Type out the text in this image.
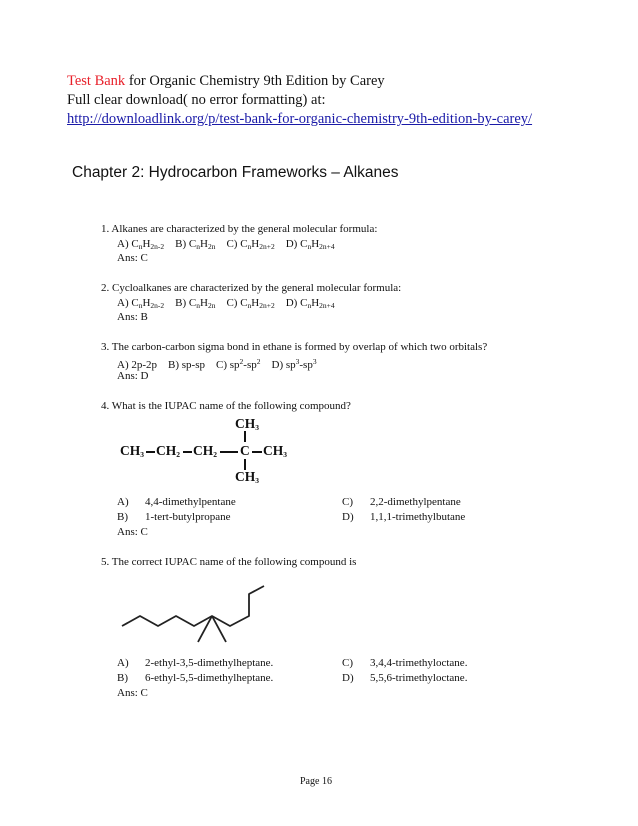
Test Bank for Organic Chemistry 9th Edition by Carey
Full clear download( no error formatting) at:
http://downloadlink.org/p/test-bank-for-organic-chemistry-9th-edition-by-carey/
Chapter 2: Hydrocarbon Frameworks – Alkanes
1. Alkanes are characterized by the general molecular formula:
A) $C_nH_{2n-2}$ B) $C_nH_{2n}$ C) $C_nH_{2n+2}$ D) $C_nH_{2n+4}$
Ans: C
2. Cycloalkanes are characterized by the general molecular formula:
A) $C_nH_{2n-2}$ B) $C_nH_{2n}$ C) $C_nH_{2n+2}$ D) $C_nH_{2n+4}$
Ans: B
3. The carbon-carbon sigma bond in ethane is formed by overlap of which two orbitals?
A) 2p-2p B) sp-sp C) $sp^2-sp^2$ D) $sp^3-sp^3$
Ans: D
4. What is the IUPAC name of the following compound?
$CH_3$
$CH_3$ $CH_2$ $CH_2$ C $CH_3$
$CH_3$
A) 4,4-dimethylpentane	C) 2,2-dimethylpentane
B) 1-tert-butylpropane	D) 1,1,1-trimethylbutane
Ans: C
5. The correct IUPAC name of the following compound is
A) 2-ethyl-3,5-dimethylheptane.	C) 3,4,4-trimethyloctane.
B) 6-ethyl-5,5-dimethylheptane.	D) 5,5,6-trimethyloctane.
Ans: C
Page 16
